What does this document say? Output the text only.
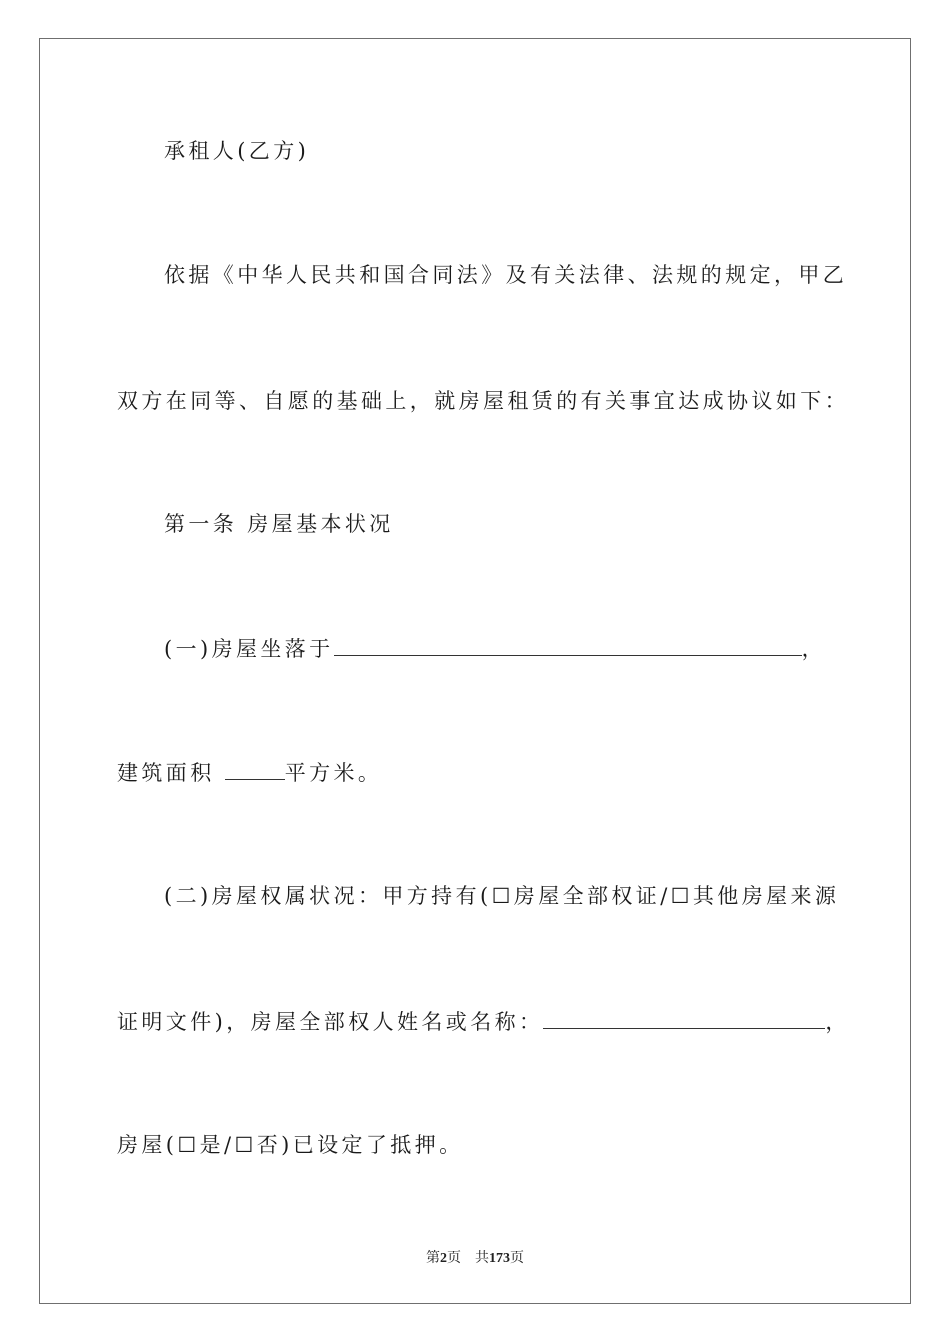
承租人(乙方)
依据《中华人民共和国合同法》及有关法律、法规的规定，甲乙
双方在同等、自愿的基础上，就房屋租赁的有关事宜达成协议如下：
第一条 房屋基本状况
(一)房屋坐落于	，
建筑面积	平方米。
(二)房屋权属状况：甲方持有(☐房屋全部权证/☐其他房屋来源
证明文件)，房屋全部权人姓名或名称：	，
房屋(☐是/☐否)已设定了抵押。
第2页 共173页
